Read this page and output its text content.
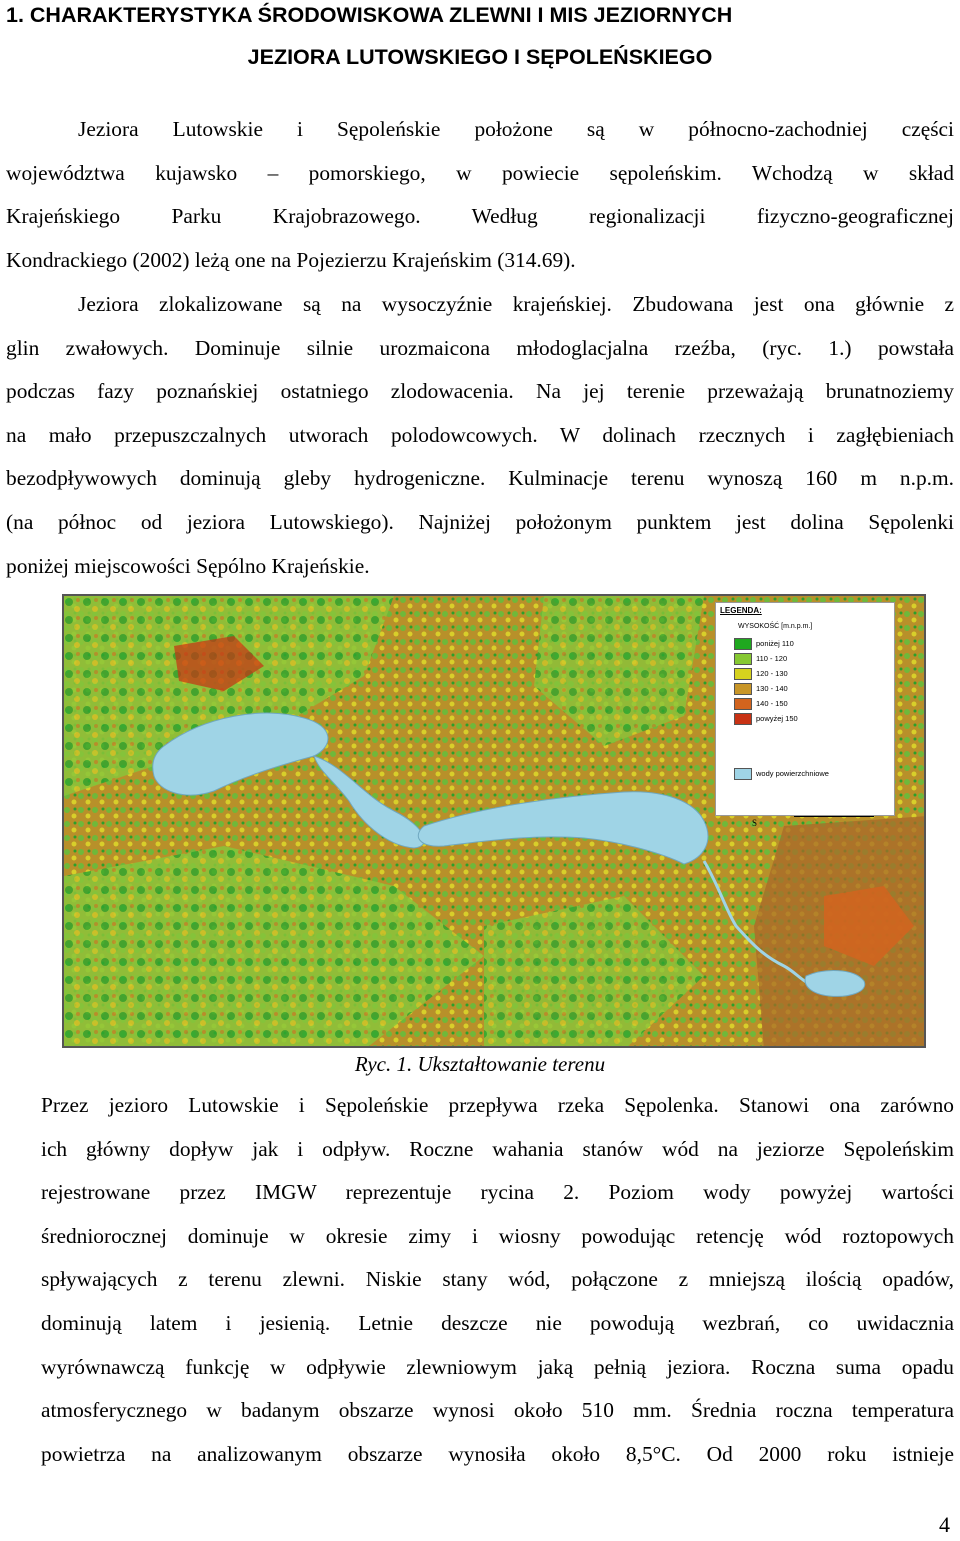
1. CHARAKTERYSTYKA ŚRODOWISKOWA ZLEWNI I MIS JEZIORNYCH
JEZIORA LUTOWSKIEGO I SĘPOLEŃSKIEGO
Jeziora Lutowskie i Sępoleńskie położone są w północno-zachodniej części
województwa kujawsko – pomorskiego, w powiecie sępoleńskim. Wchodzą w skład
Krajeńskiego Parku Krajobrazowego. Według regionalizacji fizyczno-geograficznej
Kondrackiego (2002) leżą one na Pojezierzu Krajeńskim (314.69).
Jeziora zlokalizowane są na wysoczyźnie krajeńskiej. Zbudowana jest ona głównie z
glin zwałowych. Dominuje silnie urozmaicona młodoglacjalna rzeźba, (ryc. 1.) powstała
podczas fazy poznańskiej ostatniego zlodowacenia. Na jej terenie przeważają brunatnoziemy
na mało przepuszczalnych utworach polodowcowych. W dolinach rzecznych i zagłębieniach
bezodpływowych dominują gleby hydrogeniczne. Kulminacje terenu wynoszą 160 m n.p.m.
(na północ od jeziora Lutowskiego). Najniżej położonym punktem jest dolina Sępolenki
poniżej miejscowości Sępólno Krajeńskie.
S
LEGENDA:
WYSOKOŚĆ [m.n.p.m.]
poniżej 110
110 - 120
120 - 130
130 - 140
140 - 150
powyżej 150
wody powierzchniowe
Ryc. 1. Ukształtowanie terenu
Przez jezioro Lutowskie i Sępoleńskie przepływa rzeka Sępolenka. Stanowi ona zarówno
ich główny dopływ jak i odpływ. Roczne wahania stanów wód na jeziorze Sępoleńskim
rejestrowane przez IMGW reprezentuje rycina 2. Poziom wody powyżej wartości
średniorocznej dominuje w okresie zimy i wiosny powodując retencję wód roztopowych
spływających z terenu zlewni. Niskie stany wód, połączone z mniejszą ilością opadów,
dominują latem i jesienią. Letnie deszcze nie powodują wezbrań, co uwidacznia
wyrównawczą funkcję w odpływie zlewniowym jaką pełnią jeziora. Roczna suma opadu
atmosferycznego w badanym obszarze wynosi około 510 mm. Średnia roczna temperatura
powietrza na analizowanym obszarze wynosiła około 8,5°C. Od 2000 roku istnieje
4
